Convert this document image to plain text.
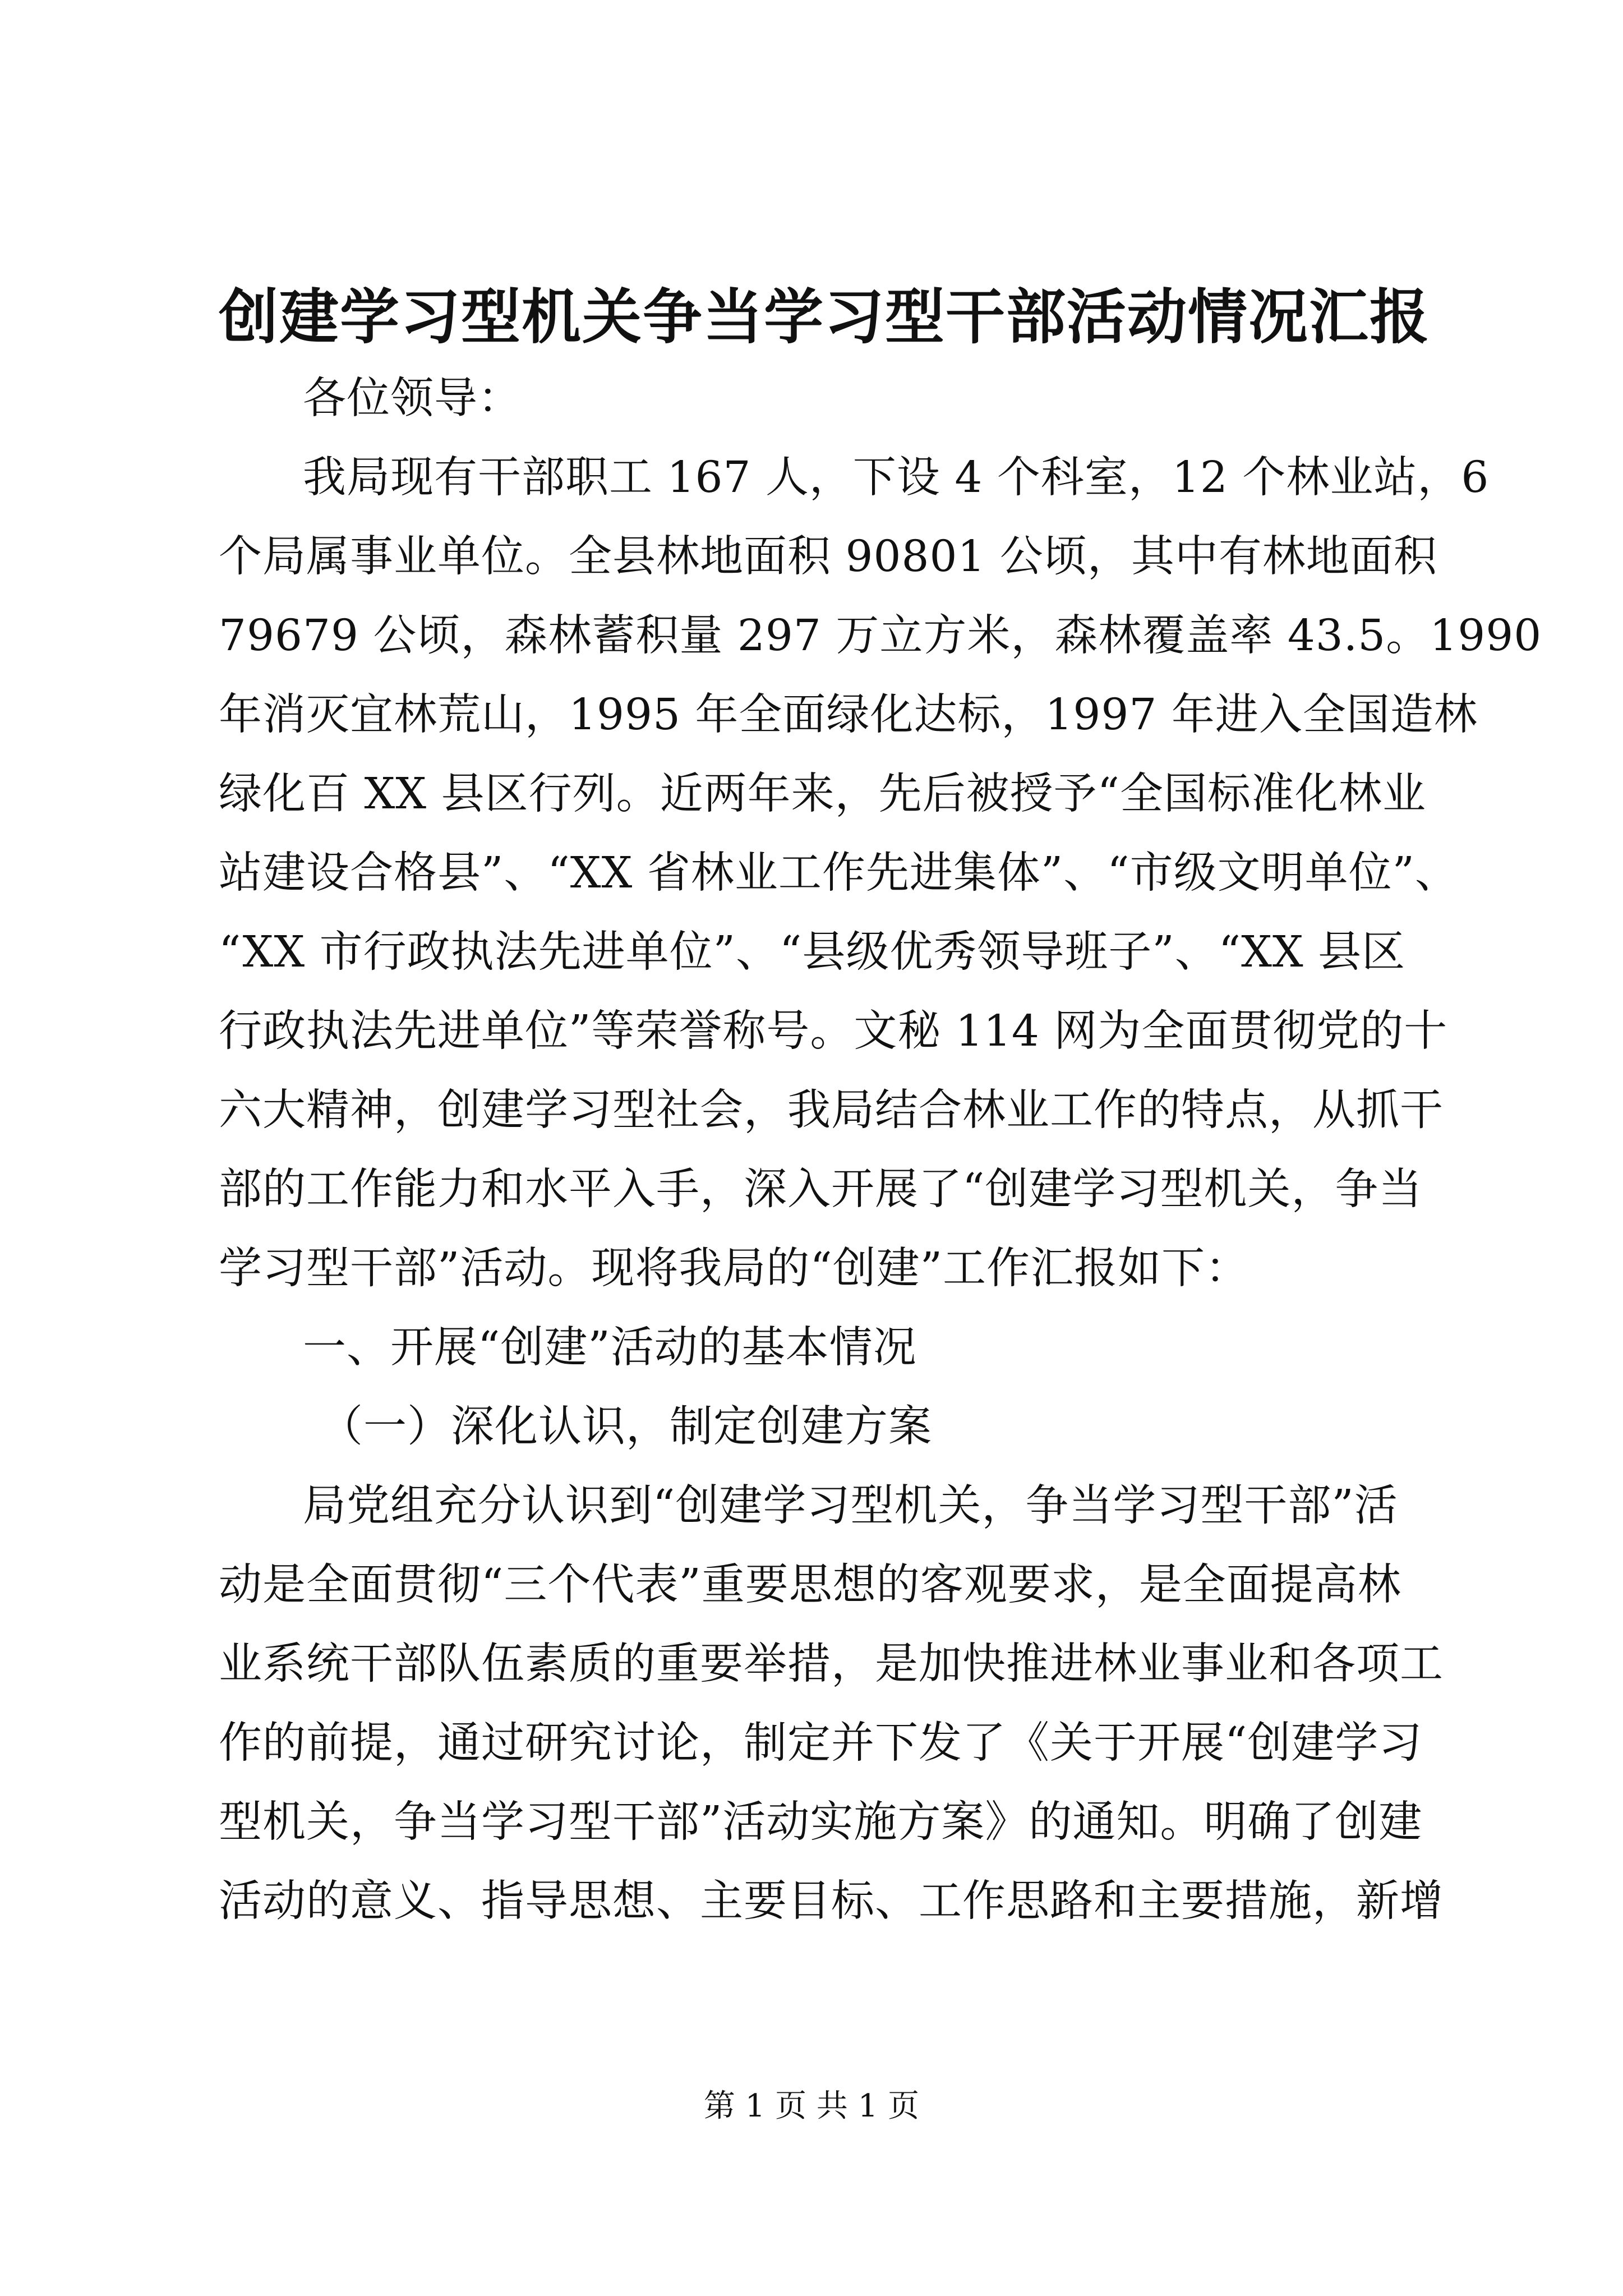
创建学习型机关争当学习型干部活动情况汇报
各位领导：
我局现有干部职工 167 人，下设 4 个科室，12 个林业站，6
个局属事业单位。全县林地面积 90801 公顷，其中有林地面积
79679 公顷，森林蓄积量 297 万立方米，森林覆盖率 43.5。1990
年消灭宜林荒山，1995 年全面绿化达标，1997 年进入全国造林
绿化百 XX 县区行列。近两年来，先后被授予“全国标准化林业
站建设合格县”、“XX 省林业工作先进集体”、“市级文明单位”、
“XX 市行政执法先进单位”、“县级优秀领导班子”、“XX 县区
行政执法先进单位”等荣誉称号。文秘 114 网为全面贯彻党的十
六大精神，创建学习型社会，我局结合林业工作的特点，从抓干
部的工作能力和水平入手，深入开展了“创建学习型机关，争当
学习型干部”活动。现将我局的“创建”工作汇报如下：
一、开展“创建”活动的基本情况
（一）深化认识，制定创建方案
局党组充分认识到“创建学习型机关，争当学习型干部”活
动是全面贯彻“三个代表”重要思想的客观要求，是全面提高林
业系统干部队伍素质的重要举措，是加快推进林业事业和各项工
作的前提，通过研究讨论，制定并下发了《关于开展“创建学习
型机关，争当学习型干部”活动实施方案》的通知。明确了创建
活动的意义、指导思想、主要目标、工作思路和主要措施，新增
第 1 页 共 1 页
